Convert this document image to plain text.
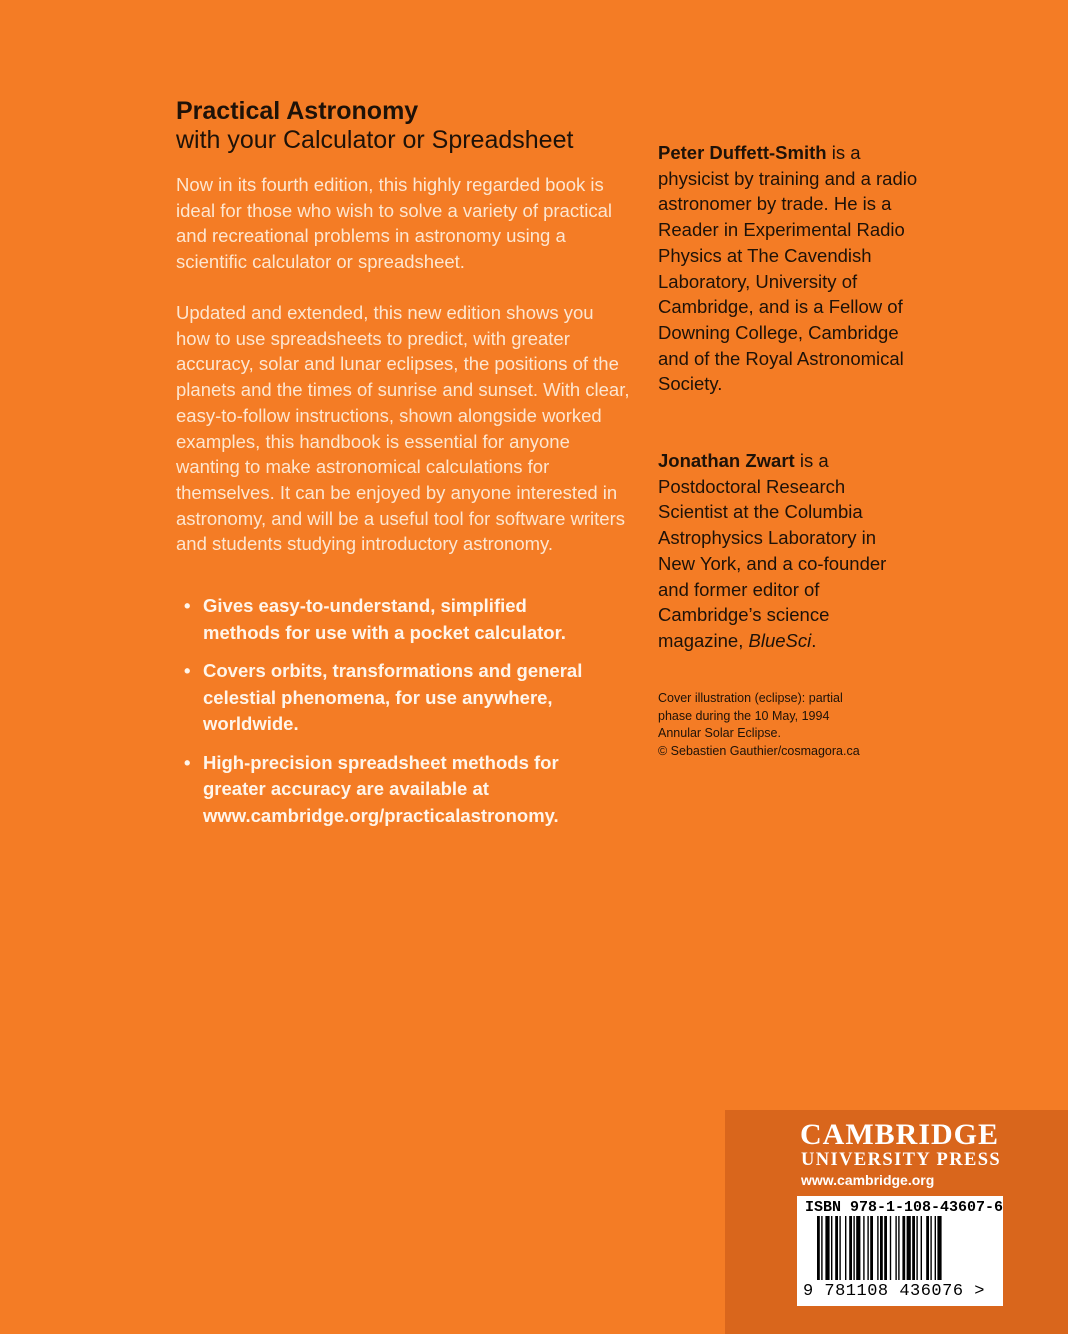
Practical Astronomy
with your Calculator or Spreadsheet

Now in its fourth edition, this highly regarded book is ideal for those who wish to solve a variety of practical and recreational problems in astronomy using a scientific calculator or spreadsheet.

Updated and extended, this new edition shows you how to use spreadsheets to predict, with greater accuracy, solar and lunar eclipses, the positions of the planets and the times of sunrise and sunset. With clear, easy-to-follow instructions, shown alongside worked examples, this handbook is essential for anyone wanting to make astronomical calculations for themselves. It can be enjoyed by anyone interested in astronomy, and will be a useful tool for software writers and students studying introductory astronomy.

• Gives easy-to-understand, simplified methods for use with a pocket calculator.
• Covers orbits, transformations and general celestial phenomena, for use anywhere, worldwide.
• High-precision spreadsheet methods for greater accuracy are available at www.cambridge.org/practicalastronomy.

Peter Duffett-Smith is a physicist by training and a radio astronomer by trade. He is a Reader in Experimental Radio Physics at The Cavendish Laboratory, University of Cambridge, and is a Fellow of Downing College, Cambridge and of the Royal Astronomical Society.

Jonathan Zwart is a Postdoctoral Research Scientist at the Columbia Astrophysics Laboratory in New York, and a co-founder and former editor of Cambridge’s science magazine, BlueSci.

Cover illustration (eclipse): partial
phase during the 10 May, 1994
Annular Solar Eclipse.
© Sebastien Gauthier/cosmagora.ca
CAMBRIDGE
UNIVERSITY PRESS
www.cambridge.org
ISBN 978-1-108-43607-6
9 781108 436076 >
